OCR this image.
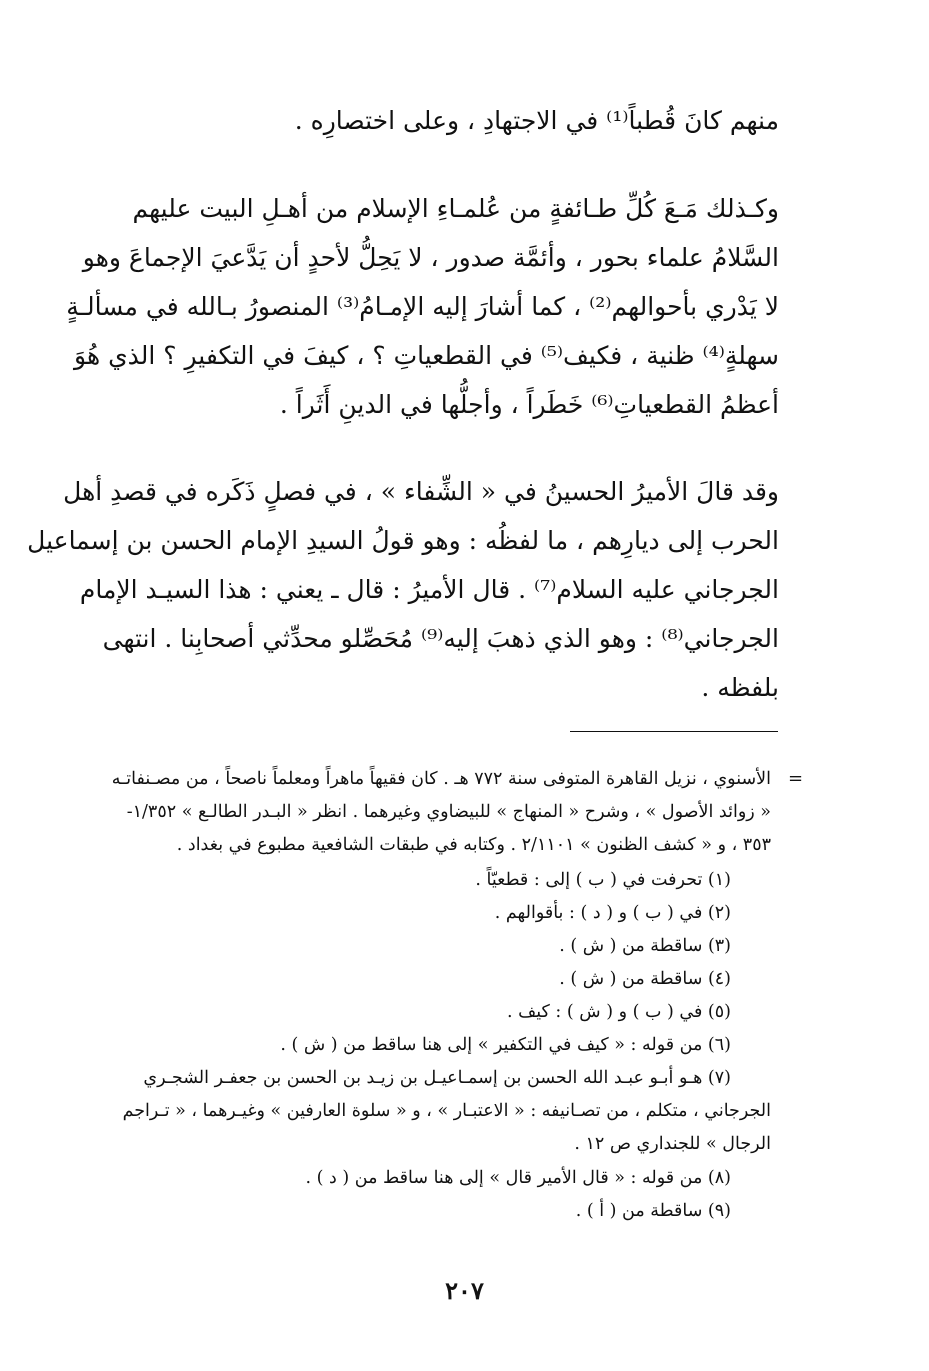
منهم كانَ قُطباً⁽¹⁾ في الاجتهادِ ، وعلى اختصارِه .
وكـذلك مَـعَ كُلِّ طـائفةٍ من عُلمـاءِ الإسلام من أهـلِ البيت عليهم
السَّلامُ علماء بحور ، وأئمَّة صدور ، لا يَحِلُّ لأحدٍ أن يَدَّعيَ الإجماعَ وهو
لا يَدْري بأحوالهم⁽²⁾ ، كما أشارَ إليه الإمـامُ⁽³⁾ المنصورُ بـالله في مسألـةٍ
سهلةٍ⁽⁴⁾ ظنية ، فكيف⁽⁵⁾ في القطعياتِ ؟ ، كيفَ في التكفيرِ ؟ الذي هُوَ
أعظمُ القطعياتِ⁽⁶⁾ خَطَراً ، وأجلُّها في الدينِ أَثَراً .
وقد قالَ الأميرُ الحسينُ في « الشِّفاء » ، في فصلٍ ذَكَره في قصدِ أهل
الحرب إلى ديارِهم ، ما لفظُه : وهو قولُ السيدِ الإمام الحسن بن إسماعيل
الجرجاني عليه السلام⁽⁷⁾ . قال الأميرُ : قال ـ يعني : هذا السيـد الإمام
الجرجاني⁽⁸⁾ : وهو الذي ذهبَ إليه⁽⁹⁾ مُحَصِّلو محدِّثي أصحابِنا . انتهى
بلفظه .
=
الأسنوي ، نزيل القاهرة المتوفى سنة ٧٧٢ هـ . كان فقيهاً ماهراً ومعلماً ناصحاً ، من مصـنفاتـه
« زوائد الأصول » ، وشرح « المنهاج » للبيضاوي وغيرهما . انظر « البـدر الطالـع » ١/٣٥٢-
٣٥٣ ، و « كشف الظنون » ٢/١١٠١ . وكتابه في طبقات الشافعية مطبوع في بغداد .
(١) تحرفت في ( ب ) إلى : قطعيّاً .
(٢) في ( ب ) و ( د ) : بأقوالهم .
(٣) ساقطة من ( ش ) .
(٤) ساقطة من ( ش ) .
(٥) في ( ب ) و ( ش ) : كيف .
(٦) من قوله : « كيف في التكفير » إلى هنا ساقط من ( ش ) .
(٧) هـو أبـو عبـد الله الحسن بن إسمـاعيـل بن زيـد بن الحسن بن جعفـر الشجـري
الجرجاني ، متكلم ، من تصـانيفه : « الاعتبـار » ، و « سلوة العارفين » وغيـرهما ، « تـراجم
الرجال » للجنداري ص ١٢ .
(٨) من قوله : « قال الأمير قال » إلى هنا ساقط من ( د ) .
(٩) ساقطة من ( أ ) .
٢٠٧
